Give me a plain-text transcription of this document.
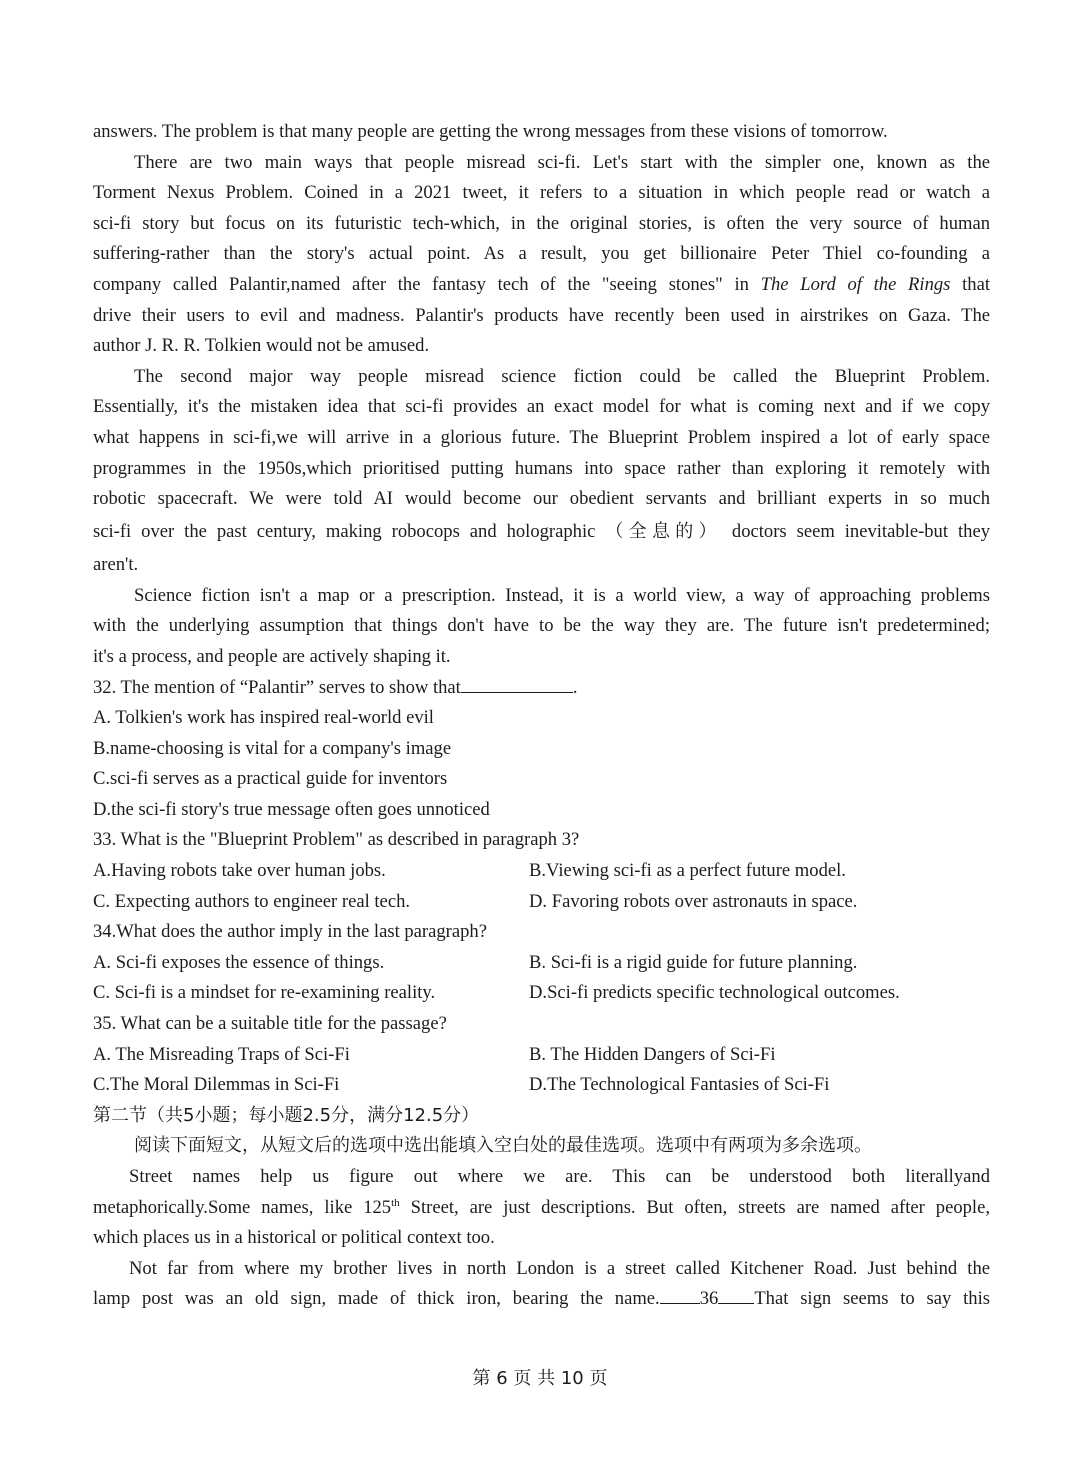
answers. The problem is that many people are getting the wrong messages from these visions of tomorrow.
There are two main ways that people misread sci-fi. Let's start with the simpler one, known as the
Torment Nexus Problem. Coined in a 2021 tweet, it refers to a situation in which people read or watch a
sci-fi story but focus on its futuristic tech-which, in the original stories, is often the very source of human
suffering-rather than the story's actual point. As a result, you get billionaire Peter Thiel co-founding a
company called Palantir,named after the fantasy tech of the "seeing stones" in The Lord of the Rings that
drive their users to evil and madness. Palantir's products have recently been used in airstrikes on Gaza. The
author J. R. R. Tolkien would not be amused.
The second major way people misread science fiction could be called the Blueprint Problem.
Essentially, it's the mistaken idea that sci-fi provides an exact model for what is coming next and if we copy
what happens in sci-fi,we will arrive in a glorious future. The Blueprint Problem inspired a lot of early space
programmes in the 1950s,which prioritised putting humans into space rather than exploring it remotely with
robotic spacecraft. We were told AI would become our obedient servants and brilliant experts in so much
sci-fi over the past century, making robocops and holographic （全息的） doctors seem inevitable-but they
aren't.
Science fiction isn't a map or a prescription. Instead, it is a world view, a way of approaching problems
with the underlying assumption that things don't have to be the way they are. The future isn't predetermined;
it's a process, and people are actively shaping it.
32. The mention of “Palantir” serves to show that	.
A. Tolkien's work has inspired real-world evil
B.name-choosing is vital for a company's image
C.sci-fi serves as a practical guide for inventors
D.the sci-fi story's true message often goes unnoticed
33. What is the "Blueprint Problem" as described in paragraph 3?
A.Having robots take over human jobs.	B.Viewing sci-fi as a perfect future model.
C. Expecting authors to engineer real tech.	D. Favoring robots over astronauts in space.
34.What does the author imply in the last paragraph?
A. Sci-fi exposes the essence of things.	B. Sci-fi is a rigid guide for future planning.
C. Sci-fi is a mindset for re-examining reality.	D.Sci-fi predicts specific technological outcomes.
35. What can be a suitable title for the passage?
A. The Misreading Traps of Sci-Fi	B. The Hidden Dangers of Sci-Fi
C.The Moral Dilemmas in Sci-Fi	D.The Technological Fantasies of Sci-Fi
第二节（共5小题；每小题2.5分，满分12.5分）
阅读下面短文，从短文后的选项中选出能填入空白处的最佳选项。选项中有两项为多余选项。
Street names help us figure out where we are. This can be understood both literallyand
metaphorically.Some names, like 125th Street, are just descriptions. But often, streets are named after people,
which places us in a historical or political context too.
Not far from where my brother lives in north London is a street called Kitchener Road. Just behind the
lamp post was an old sign, made of thick iron, bearing the name. 36 That sign seems to say this
第 6 页 共 10 页
